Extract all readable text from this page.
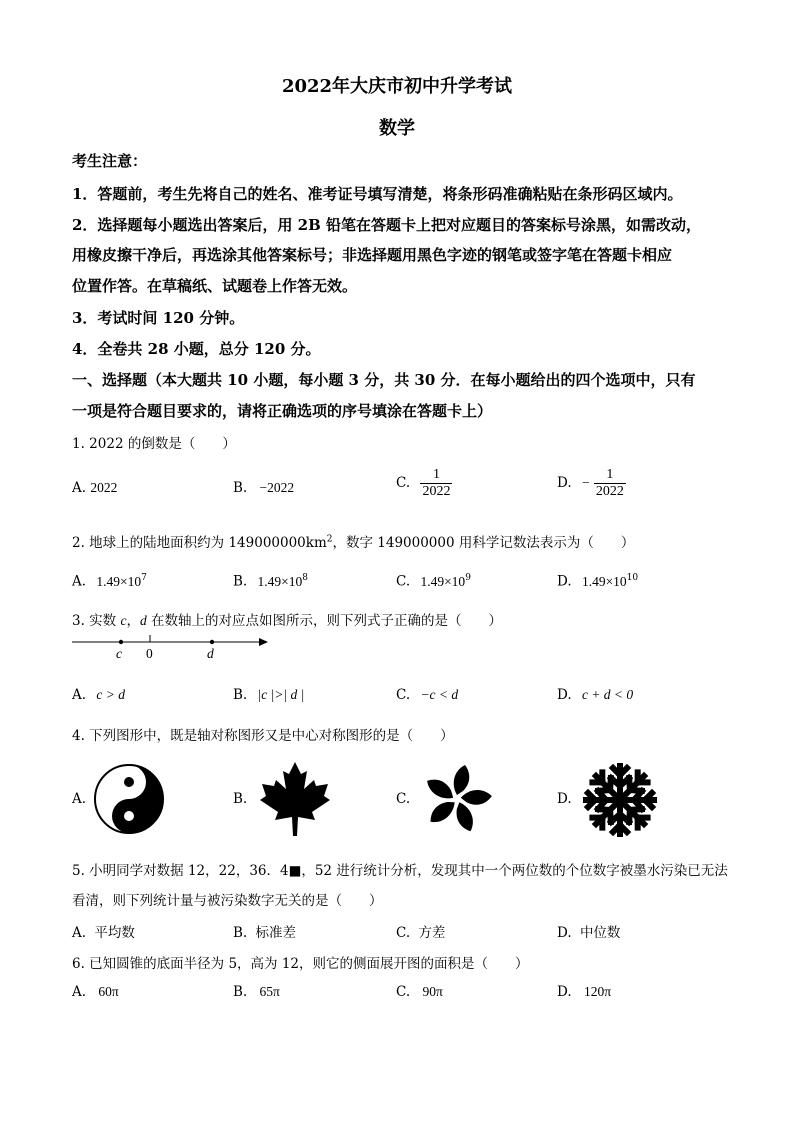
2022年大庆市初中升学考试
数学
考生注意：
1．答题前，考生先将自己的姓名、准考证号填写清楚，将条形码准确粘贴在条形码区域内。
2．选择题每小题选出答案后，用 2B 铅笔在答题卡上把对应题目的答案标号涂黑，如需改动，
用橡皮擦干净后，再选涂其他答案标号；非选择题用黑色字迹的钢笔或签字笔在答题卡相应
位置作答。在草稿纸、试题卷上作答无效。
3．考试时间 120 分钟。
4．全卷共 28 小题，总分 120 分。
一、选择题（本大题共 10 小题，每小题 3 分，共 30 分．在每小题给出的四个选项中，只有
一项是符合题目要求的，请将正确选项的序号填涂在答题卡上）
1. 2022 的倒数是（　　）
A. 2022	B. −2022	C. $\frac{1}{2022}$	D. − $\frac{1}{2022}$
2. 地球上的陆地面积约为 $149000000km^2$，数字 149000000 用科学记数法表示为（　　）
A. $1.49\times 10^7$	B. $1.49\times 10^8$	C. $1.49\times 10^9$	D. $1.49\times 10^{10}$
3. 实数 c，d 在数轴上的对应点如图所示，则下列式子正确的是（　　）
c 0	d
A. c > d	B. |c |>| d |	C. −c < d	D. c + d < 0
4. 下列图形中，既是轴对称图形又是中心对称图形的是（　　）
A.	B.	C.	D.
5. 小明同学对数据 12，22，36．4■，52 进行统计分析，发现其中一个两位数的个位数字被墨水污染已无法
看清，则下列统计量与被污染数字无关的是（　　）
A. 平均数	B. 标准差	C. 方差	D. 中位数
6. 已知圆锥的底面半径为 5，高为 12，则它的侧面展开图的面积是（　　）
A. 60π	B. 65π	C. 90π	D. 120π
